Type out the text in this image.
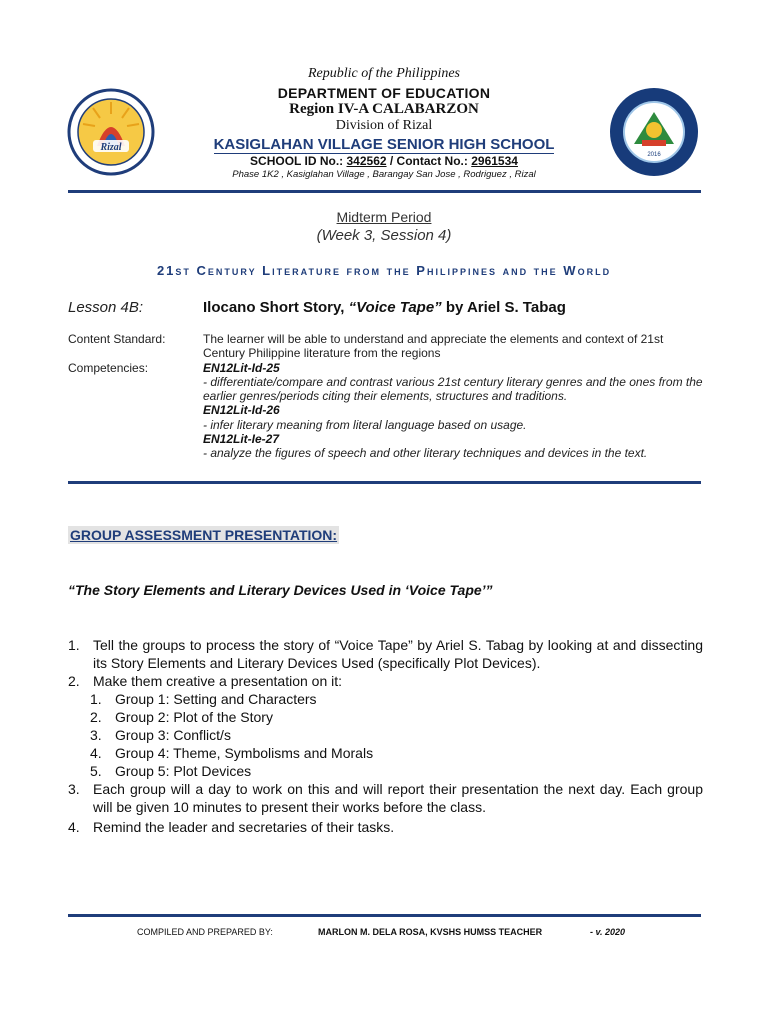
Rizal
2016
Republic of the Philippines
DEPARTMENT OF EDUCATION
Region IV-A CALABARZON
Division of Rizal
KASIGLAHAN VILLAGE SENIOR HIGH SCHOOL
SCHOOL ID No.: 342562 / Contact No.: 2961534
Phase 1K2 , Kasiglahan Village , Barangay San Jose , Rodriguez , Rizal
Midterm Period
(Week 3, Session 4)
21st Century Literature from the Philippines and the World
Lesson 4B:	Ilocano Short Story, “Voice Tape” by Ariel S. Tabag
Content Standard:	The learner will be able to understand and appreciate the elements and context of 21st Century Philippine literature from the regions
Competencies:	EN12Lit-Id-25
- differentiate/compare and contrast various 21st century literary genres and the ones from the earlier genres/periods citing their elements, structures and traditions.
EN12Lit-Id-26
- infer literary meaning from literal language based on usage.
EN12Lit-Ie-27
- analyze the figures of speech and other literary techniques and devices in the text.
GROUP ASSESSMENT PRESENTATION:
“The Story Elements and Literary Devices Used in ‘Voice Tape’”
1. Tell the groups to process the story of “Voice Tape” by Ariel S. Tabag by looking at and dissecting its Story Elements and Literary Devices Used (specifically Plot Devices).
2. Make them creative a presentation on it:
1. Group 1: Setting and Characters
2. Group 2: Plot of the Story
3. Group 3: Conflict/s
4. Group 4: Theme, Symbolisms and Morals
5. Group 5: Plot Devices
3. Each group will a day to work on this and will report their presentation the next day. Each group will be given 10 minutes to present their works before the class.
4. Remind the leader and secretaries of their tasks.
COMPILED AND PREPARED BY:	MARLON M. DELA ROSA, KVSHS HUMSS TEACHER	- v. 2020
